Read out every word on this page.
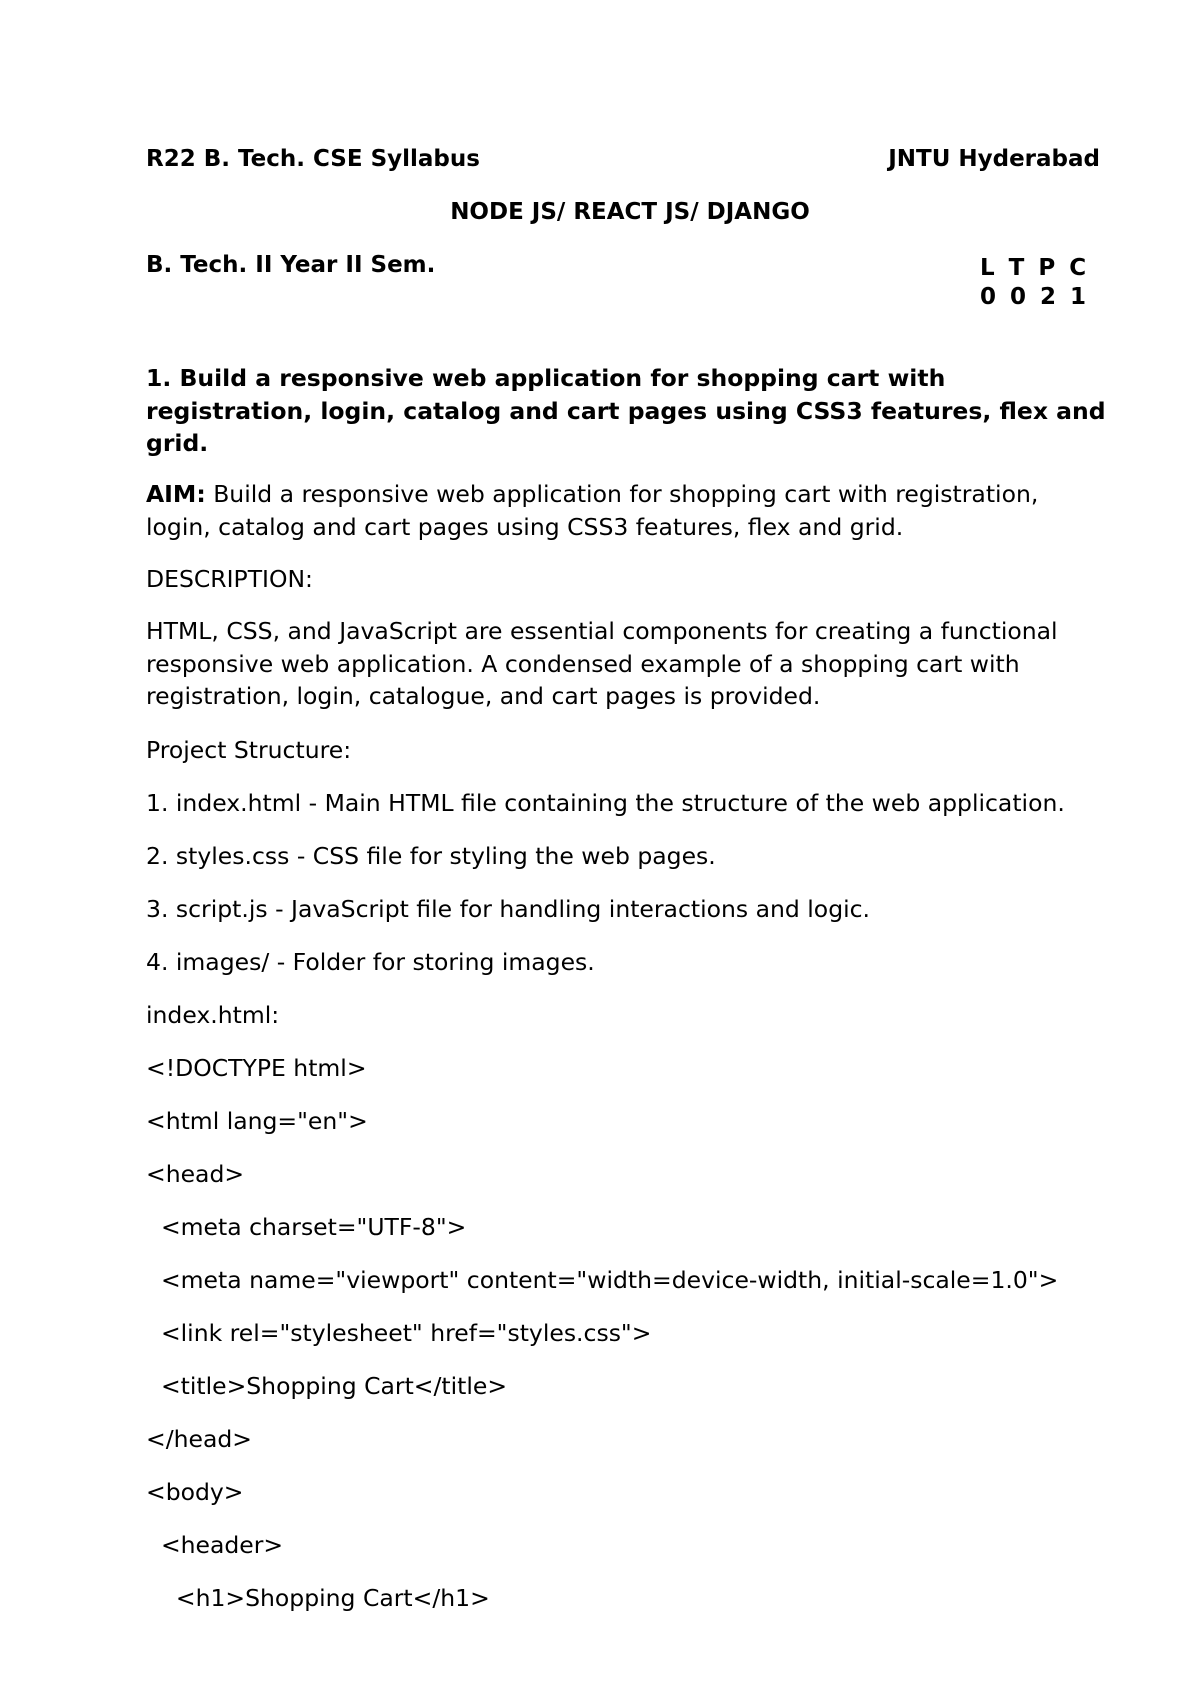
R22 B. Tech. CSE Syllabus	JNTU Hyderabad
NODE JS/ REACT JS/ DJANGO
B. Tech. II Year II Sem.	L T P C
0 0 2 1
1. Build a responsive web application for shopping cart with registration, login, catalog and cart pages using CSS3 features, flex and grid.
AIM: Build a responsive web application for shopping cart with registration, login, catalog and cart pages using CSS3 features, flex and grid.
DESCRIPTION:
HTML, CSS, and JavaScript are essential components for creating a functional responsive web application. A condensed example of a shopping cart with registration, login, catalogue, and cart pages is provided.
Project Structure:
1. index.html - Main HTML file containing the structure of the web application.
2. styles.css - CSS file for styling the web pages.
3. script.js - JavaScript file for handling interactions and logic.
4. images/ - Folder for storing images.
index.html:
<!DOCTYPE html>
<html lang="en">
<head>
<meta charset="UTF-8">
<meta name="viewport" content="width=device-width, initial-scale=1.0">
<link rel="stylesheet" href="styles.css">
<title>Shopping Cart</title>
</head>
<body>
<header>
<h1>Shopping Cart</h1>
